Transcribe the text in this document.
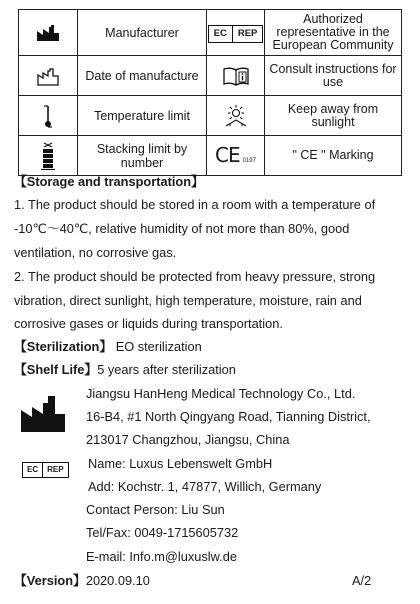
	Manufacturer	EC REP	Authorized representative in the European Community

	Date of manufacture		Consult instructions for use

	Temperature limit		Keep away from sunlight

	Stacking limit by number	CE 0197	" CE " Marking
【Storage and transportation】
1. The product should be stored in a room with a temperature of
-10℃～40℃, relative humidity of not more than 80%, good
ventilation, no corrosive gas.
2. The product should be protected from heavy pressure, strong
vibration, direct sunlight, high temperature, moisture, rain and
corrosive gases or liquids during transportation.
【Sterilization】 EO sterilization
【Shelf Life】5 years after sterilization
Jiangsu HanHeng Medical Technology Co., Ltd.
16-B4, #1 North Qingyang Road, Tianning District,
213017 Changzhou, Jiangsu, China
EC	REP	Name: Luxus Lebenswelt GmbH
Add: Kochstr. 1, 47877, Willich, Germany
Contact Person: Liu Sun
Tel/Fax: 0049-1715605732
E-mail: Info.m@luxuslw.de
【Version】2020.09.10	A/2
